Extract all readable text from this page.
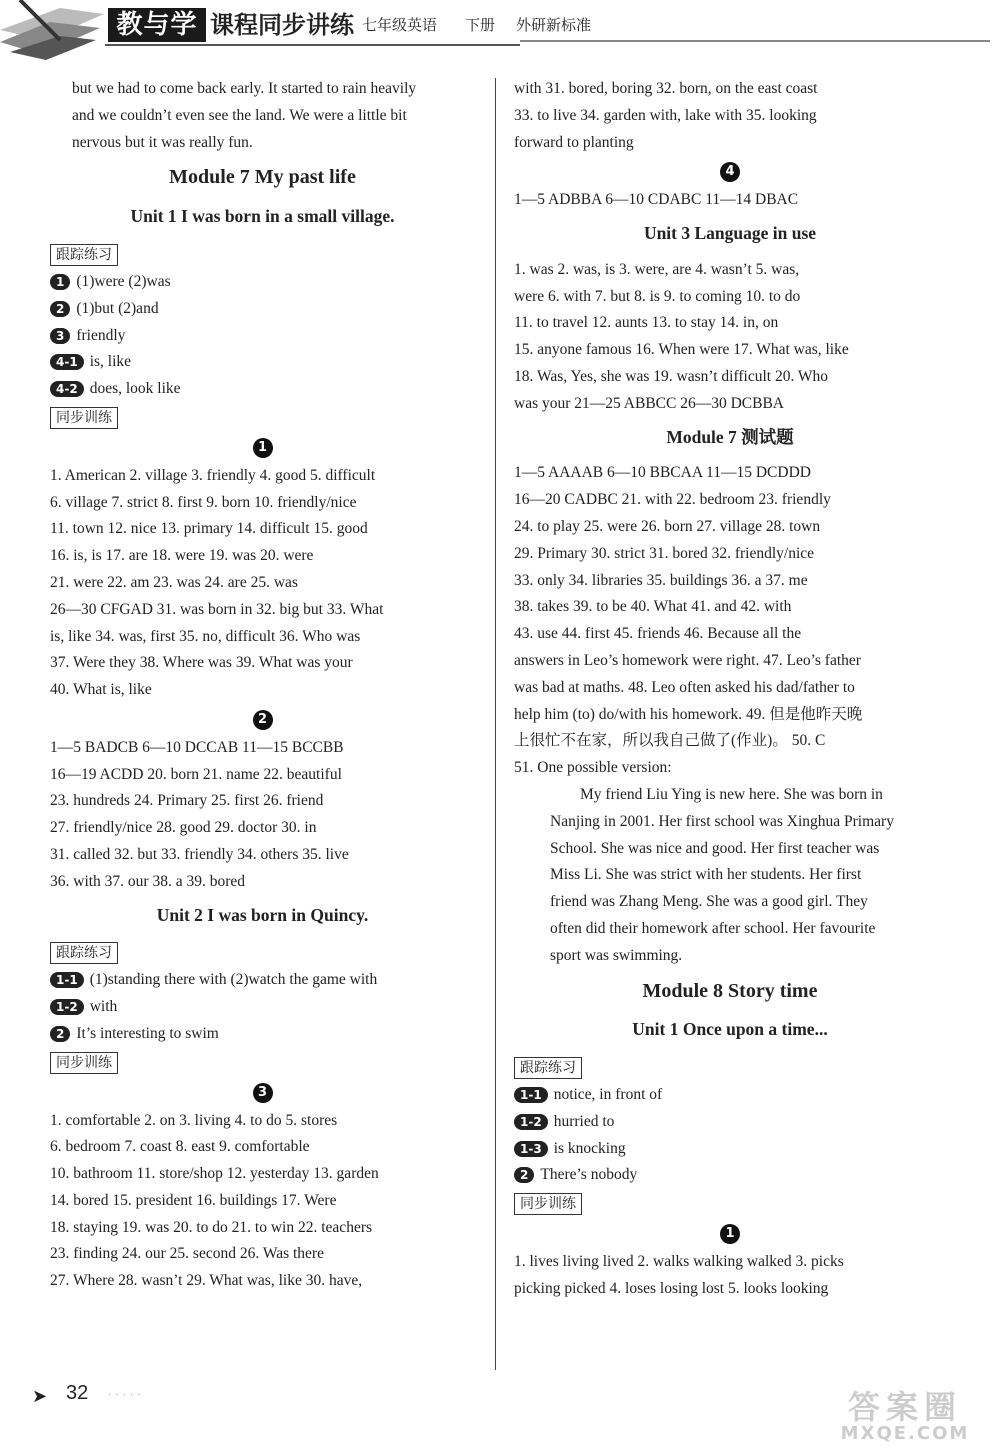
教与学 课程同步讲练 七年级英语 下册 外研新标准
but we had to come back early. It started to rain heavily
and we couldn’t even see the land. We were a little bit
nervous but it was really fun.
Module 7 My past life
Unit 1 I was born in a small village.
跟踪练习
1 (1)were (2)was
2 (1)but (2)and
3 friendly
4-1 is, like
4-2 does, look like
同步训练
1
1. American 2. village 3. friendly 4. good 5. difficult
6. village 7. strict 8. first 9. born 10. friendly/nice
11. town 12. nice 13. primary 14. difficult 15. good
16. is, is 17. are 18. were 19. was 20. were
21. were 22. am 23. was 24. are 25. was
26—30 CFGAD 31. was born in 32. big but 33. What
is, like 34. was, first 35. no, difficult 36. Who was
37. Were they 38. Where was 39. What was your
40. What is, like
2
1—5 BADCB 6—10 DCCAB 11—15 BCCBB
16—19 ACDD 20. born 21. name 22. beautiful
23. hundreds 24. Primary 25. first 26. friend
27. friendly/nice 28. good 29. doctor 30. in
31. called 32. but 33. friendly 34. others 35. live
36. with 37. our 38. a 39. bored
Unit 2 I was born in Quincy.
跟踪练习
1-1 (1)standing there with (2)watch the game with
1-2 with
2 It’s interesting to swim
同步训练
3
1. comfortable 2. on 3. living 4. to do 5. stores
6. bedroom 7. coast 8. east 9. comfortable
10. bathroom 11. store/shop 12. yesterday 13. garden
14. bored 15. president 16. buildings 17. Were
18. staying 19. was 20. to do 21. to win 22. teachers
23. finding 24. our 25. second 26. Was there
27. Where 28. wasn’t 29. What was, like 30. have,
with 31. bored, boring 32. born, on the east coast
33. to live 34. garden with, lake with 35. looking
forward to planting
4
1—5 ADBBA 6—10 CDABC 11—14 DBAC
Unit 3 Language in use
1. was 2. was, is 3. were, are 4. wasn’t 5. was,
were 6. with 7. but 8. is 9. to coming 10. to do
11. to travel 12. aunts 13. to stay 14. in, on
15. anyone famous 16. When were 17. What was, like
18. Was, Yes, she was 19. wasn’t difficult 20. Who
was your 21—25 ABBCC 26—30 DCBBA
Module 7 测试题
1—5 AAAAB 6—10 BBCAA 11—15 DCDDD
16—20 CADBC 21. with 22. bedroom 23. friendly
24. to play 25. were 26. born 27. village 28. town
29. Primary 30. strict 31. bored 32. friendly/nice
33. only 34. libraries 35. buildings 36. a 37. me
38. takes 39. to be 40. What 41. and 42. with
43. use 44. first 45. friends 46. Because all the
answers in Leo’s homework were right. 47. Leo’s father
was bad at maths. 48. Leo often asked his dad/father to
help him (to) do/with his homework. 49. 但是他昨天晚
上很忙不在家，所以我自己做了(作业)。 50. C
51. One possible version:
My friend Liu Ying is new here. She was born in
Nanjing in 2001. Her first school was Xinghua Primary
School. She was nice and good. Her first teacher was
Miss Li. She was strict with her students. Her first
friend was Zhang Meng. She was a good girl. They
often did their homework after school. Her favourite
sport was swimming.
Module 8 Story time
Unit 1 Once upon a time...
跟踪练习
1-1 notice, in front of
1-2 hurried to
1-3 is knocking
2 There’s nobody
同步训练
1
1. lives living lived 2. walks walking walked 3. picks
picking picked 4. loses losing lost 5. looks looking
➤ 32 ·····	答案圈
MXQE.COM
